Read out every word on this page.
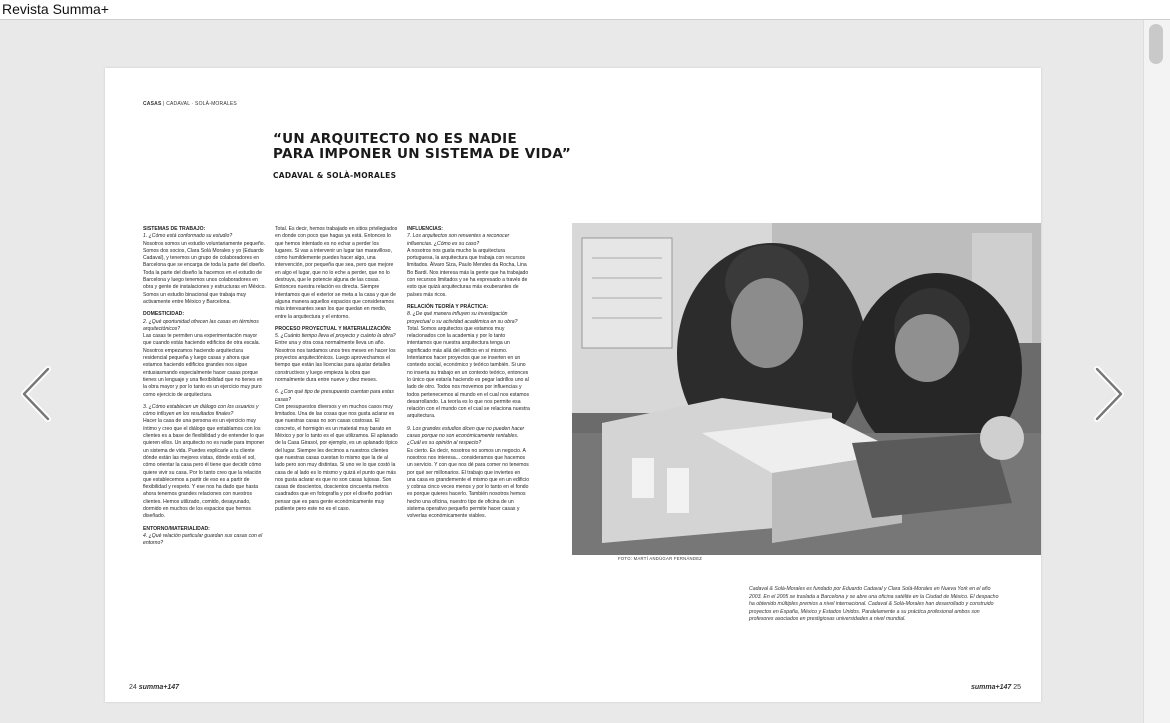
Revista Summa+
CASAS | CADAVAL · SOLÀ-MORALES
“UN ARQUITECTO NO ES NADIE
PARA IMPONER UN SISTEMA DE VIDA”
CADAVAL & SOLÀ-MORALES

SISTEMAS DE TRABAJO:

1. ¿Cómo está conformado su estudio?

Nosotros somos un estudio voluntariamente pequeño. Somos dos socios, Clara Solà Morales y yo (Eduardo Cadaval), y tenemos un grupo de colaboradores en Barcelona que se encarga de toda la parte del diseño. Toda la parte del diseño la hacemos en el estudio de Barcelona y luego tenemos unos colaboradores en obra y gente de instalaciones y estructuras en México. Somos un estudio binacional que trabaja muy activamente entre México y Barcelona.

DOMESTICIDAD:

2. ¿Qué oportunidad ofrecen las casas en términos arquitectónicos?

Las casas te permiten una experimentación mayor que cuando estás haciendo edificios de otra escala. Nosotros empezamos haciendo arquitectura residencial pequeña y luego casas y ahora que estamos haciendo edificios grandes nos sigue entusiasmando especialmente hacer casas porque tienes un lenguaje y una flexibilidad que no tienes en la obra mayor y por lo tanto es un ejercicio muy puro como ejercicio de arquitectura.

3. ¿Cómo establecen un diálogo con los usuarios y cómo influyen en los resultados finales?

Hacer la casa de una persona es un ejercicio muy íntimo y creo que el diálogo que entablamos con los clientes es a base de flexibilidad y de entender lo que quieren ellos. Un arquitecto no es nadie para imponer un sistema de vida. Puedes explicarle a tu cliente dónde están las mejores vistas, dónde está el sol, cómo orientar la casa pero él tiene que decidir cómo quiere vivir su casa. Por lo tanto creo que la relación que establecemos a partir de eso es a partir de flexibilidad y respeto. Y ese nos ha dado que hasta ahora tenemos grandes relaciones con nuestros clientes. Hemos utilizado, comido, desayunado, dormido en muchos de los espacios que hemos diseñado.

ENTORNO/MATERIALIDAD:

4. ¿Qué relación particular guardan sus casas con el entorno?

Total. Es decir, hemos trabajado en sitios privilegiados en donde con poco que hagas ya está. Entonces lo que hemos intentado es no echar a perder los lugares. Si vas a intervenir un lugar tan maravilloso, cómo humildemente puedes hacer algo, una intervención, por pequeña que sea, pero que mejore en algo el lugar, que no lo eche a perder, que no lo destruya, que le potencie alguna de las cosas. Entonces nuestra relación es directa. Siempre intentamos que el exterior se meta a la casa y que de alguna manera aquellos espacios que consideramos más interesantes sean los que quedan en medio, entre la arquitectura y el entorno.

PROCESO PROYECTUAL Y MATERIALIZACIÓN:

5. ¿Cuánto tiempo lleva el proyecto y cuánto la obra?

Entre una y otra cosa normalmente lleva un año. Nosotros nos tardamos unos tres meses en hacer los proyectos arquitectónicos. Luego aprovechamos el tiempo que están las licencias para ajustar detalles constructivos y luego empieza la obra que normalmente dura entre nueve y diez meses.

6. ¿Con qué tipo de presupuesto cuentan para estas casas?

Con presupuestos diversos y en muchos casos muy limitados. Una de las cosas que nos gusta aclarar es que nuestras casas no son casas costosas. El concreto, el hormigón es un material muy barato en México y por lo tanto es el que utilizamos. El aplanado de la Casa Girasol, por ejemplo, es un aplanado típico del lugar. Siempre les decimos a nuestros clientes que nuestras casas cuestan lo mismo que la de al lado pero son muy distintas. Si uno ve lo que costó la casa de al lado es lo mismo y quizá el punto que más nos gusta aclarar es que no son casas lujosas. Son casas de doscientos, doscientos cincuenta metros cuadrados que en fotografía y por el diseño podrían pensar que es para gente económicamente muy pudiente pero este no es el caso.

INFLUENCIAS:

7. Los arquitectos son renuentes a reconocer influencias. ¿Cómo es su caso?

A nosotros nos gusta mucho la arquitectura portuguesa, la arquitectura que trabaja con recursos limitados. Álvaro Siza, Paulo Mendes da Rocha, Lina Bo Bardi. Nos interesa más la gente que ha trabajado con recursos limitados y se ha expresado a través de esto que quizá arquitecturas más exuberantes de países más ricos.

RELACIÓN TEORÍA Y PRÁCTICA:

8. ¿De qué manera influyen su investigación proyectual o su actividad académica en su obra?

Total. Somos arquitectos que estamos muy relacionados con la academia y por lo tanto intentamos que nuestra arquitectura tenga un significado más allá del edificio en sí mismo. Intentamos hacer proyectos que se inserten en un contexto social, económico y teórico también. Si uno no inserta su trabajo en un contexto teórico, entonces lo único que estaría haciendo es pegar ladrillos uno al lado de otro. Todos nos movemos por influencias y todos pertenecemos al mundo en el cual nos estamos desarrollando. La teoría es lo que nos permite esa relación con el mundo con el cual se relaciona nuestra arquitectura.

9. Los grandes estudios dicen que no pueden hacer casas porque no son económicamente rentables. ¿Cuál es su opinión al respecto?

Es cierto. Es decir, nosotros no somos un negocio. A nosotros nos interesa... consideramos que hacemos un servicio. Y con que nos dé para comer no tenemos por qué ser millonarios. El trabajo que inviertes en una casa es grandemente el mismo que en un edificio y cobras cinco veces menos y por lo tanto en el fondo es porque quieres hacerlo. También nosotros hemos hecho una oficina, nuestro tipo de oficina de un sistema operativo pequeño permite hacer casas y volverlas económicamente viables.

FOTO: MARTÍ ANDÚGAR FERNÁNDEZ
Cadaval & Solà-Morales es fundado por Eduardo Cadaval y Clara Solà-Morales en Nueva York en el año 2003. En el 2005 se traslada a Barcelona y se abre una oficina satélite en la Ciudad de México. El despacho ha obtenido múltiples premios a nivel internacional. Cadaval & Solà-Morales han desarrollado y construido proyectos en España, México y Estados Unidos. Paralelamente a su práctica profesional ambos son profesores asociados en prestigiosas universidades a nivel mundial.
24 summa+147	summa+147 25
